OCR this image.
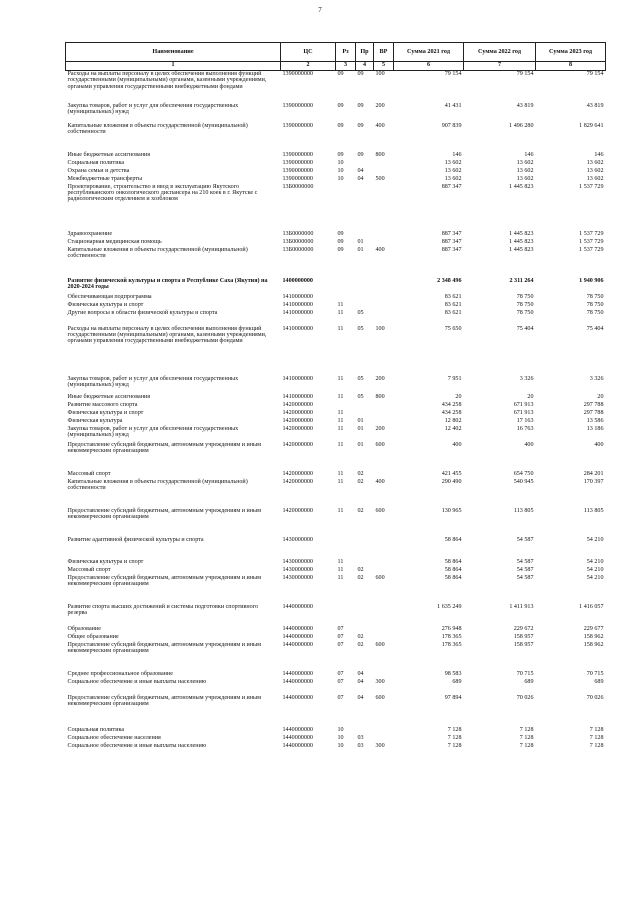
7
Наименование	ЦС	Рз	Пр	ВР	Сумма 2021 год	Сумма 2022 год	Сумма 2023 год
1	2	3	4	5	6	7	8
Расходы на выплаты персоналу в целях обеспечения выполнения функций государственными (муниципальными) органами, казенными учреждениями, органами управления государственными внебюджетными фондами	1390000000	09	09	100	79 154	79 154	79 154
Закупка товаров, работ и услуг для обеспечения государственных (муниципальных) нужд	1390000000	09	09	200	41 431	43 819	43 819
Капитальные вложения в объекты государственной (муниципальной) собственности	1390000000	09	09	400	907 839	1 496 280	1 829 641
Иные бюджетные ассигнования	1390000000	09	09	800	146	146	146
Социальная политика	1390000000	10			13 602	13 602	13 602
Охрана семьи и детства	1390000000	10	04		13 602	13 602	13 602
Межбюджетные трансферты	1390000000	10	04	500	13 602	13 602	13 602
Проектирование, строительство и ввод в эксплуатацию Якутского республиканского онкологического диспансера на 210 коек в г. Якутске с радиологическим отделением и хозблоком	13Б0000000				887 347	1 445 823	1 537 729
Здравоохранение	13Б0000000	09			887 347	1 445 823	1 537 729
Стационарная медицинская помощь	13Б0000000	09	01		887 347	1 445 823	1 537 729
Капитальные вложения в объекты государственной (муниципальной) собственности	13Б0000000	09	01	400	887 347	1 445 823	1 537 729
Развитие физической культуры и спорта в Республике Саха (Якутия) на 2020-2024 годы	1400000000				2 348 496	2 311 264	1 940 906
Обеспечивающая подпрограмма	1410000000				83 621	78 750	78 750
Физическая культура и спорт	1410000000	11			83 621	78 750	78 750
Другие вопросы в области физической культуры и спорта	1410000000	11	05		83 621	78 750	78 750
Расходы на выплаты персоналу в целях обеспечения выполнения функций государственными (муниципальными) органами, казенными учреждениями, органами управления государственными внебюджетными фондами	1410000000	11	05	100	75 650	75 404	75 404
Закупка товаров, работ и услуг для обеспечения государственных (муниципальных) нужд	1410000000	11	05	200	7 951	3 326	3 326
Иные бюджетные ассигнования	1410000000	11	05	800	20	20	20
Развитие массового спорта	1420000000				434 258	671 913	297 788
Физическая культура и спорт	1420000000	11			434 258	671 913	297 788
Физическая культура	1420000000	11	01		12 802	17 163	13 586
Закупка товаров, работ и услуг для обеспечения государственных (муниципальных) нужд	1420000000	11	01	200	12 402	16 763	13 186
Предоставление субсидий бюджетным, автономным учреждениям и иным некоммерческим организациям	1420000000	11	01	600	400	400	400
Массовый спорт	1420000000	11	02		421 455	654 750	284 201
Капитальные вложения в объекты государственной (муниципальной) собственности	1420000000	11	02	400	290 490	540 945	170 397
Предоставление субсидий бюджетным, автономным учреждениям и иным некоммерческим организациям	1420000000	11	02	600	130 965	113 805	113 805
Развитие адаптивной физической культуры и спорта	1430000000				58 864	54 587	54 210
Физическая культура и спорт	1430000000	11			58 864	54 587	54 210
Массовый спорт	1430000000	11	02		58 864	54 587	54 210
Предоставление субсидий бюджетным, автономным учреждениям и иным некоммерческим организациям	1430000000	11	02	600	58 864	54 587	54 210
Развитие спорта высших достижений и системы подготовки спортивного резерва	1440000000				1 635 249	1 411 913	1 416 057
Образование	1440000000	07			276 948	229 672	229 677
Общее образование	1440000000	07	02		178 365	158 957	158 962
Предоставление субсидий бюджетным, автономным учреждениям и иным некоммерческим организациям	1440000000	07	02	600	178 365	158 957	158 962
Среднее профессиональное образование	1440000000	07	04		98 583	70 715	70 715
Социальное обеспечение и иные выплаты населению	1440000000	07	04	300	689	689	689
Предоставление субсидий бюджетным, автономным учреждениям и иным некоммерческим организациям	1440000000	07	04	600	97 894	70 026	70 026
Социальная политика	1440000000	10			7 128	7 128	7 128
Социальное обеспечение населения	1440000000	10	03		7 128	7 128	7 128
Социальное обеспечение и иные выплаты населению	1440000000	10	03	300	7 128	7 128	7 128
